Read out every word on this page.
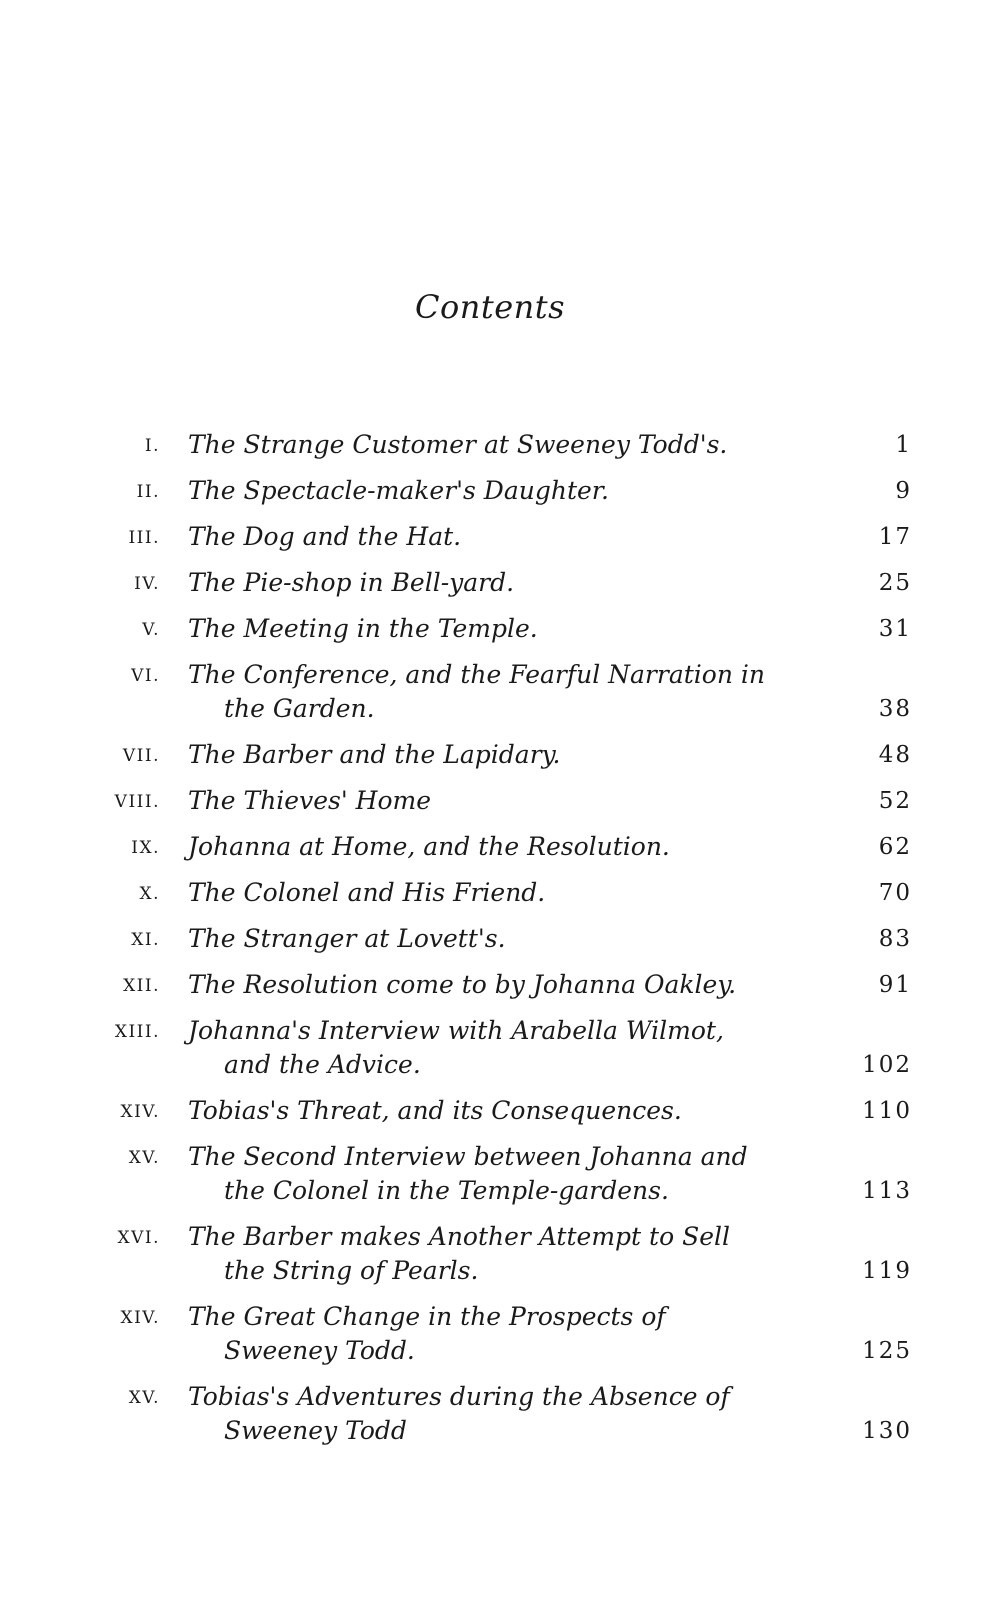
Contents
I. The Strange Customer at Sweeney Todd's.	1
II. The Spectacle-maker's Daughter.	9
III. The Dog and the Hat.	17
IV. The Pie-shop in Bell-yard.	25
V. The Meeting in the Temple.	31
VI. The Conference, and the Fearful Narration in
the Garden.	38
VII. The Barber and the Lapidary.	48
VIII. The Thieves' Home	52
IX. Johanna at Home, and the Resolution.	62
X. The Colonel and His Friend.	70
XI. The Stranger at Lovett's.	83
XII. The Resolution come to by Johanna Oakley.	91
XIII. Johanna's Interview with Arabella Wilmot,
and the Advice.	102
XIV. Tobias's Threat, and its Consequences.	110
XV. The Second Interview between Johanna and
the Colonel in the Temple-gardens.	113
XVI. The Barber makes Another Attempt to Sell
the String of Pearls.	119
XIV. The Great Change in the Prospects of
Sweeney Todd.	125
XV. Tobias's Adventures during the Absence of
Sweeney Todd	130
